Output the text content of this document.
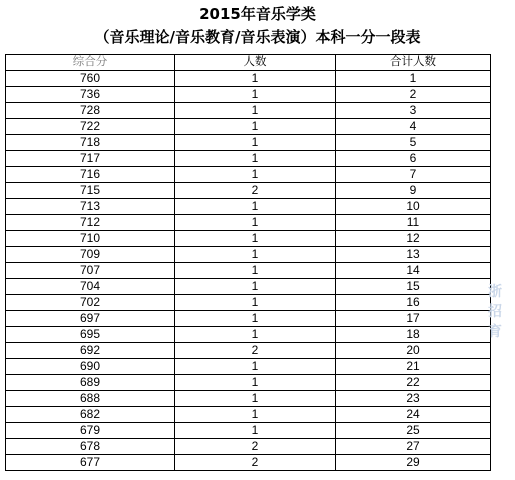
2015年音乐学类
（音乐理论/音乐教育/音乐表演）本科一分一段表
综合分	人数	合计人数
760	1	1
736	1	2
728	1	3
722	1	4
718	1	5
717	1	6
716	1	7
715	2	9
713	1	10
712	1	11
710	1	12
709	1	13
707	1	14
704	1	15
702	1	16
697	1	17
695	1	18
692	2	20
690	1	21
689	1	22
688	1	23
682	1	24
679	1	25
678	2	27
677	2	29
浙
招
育
